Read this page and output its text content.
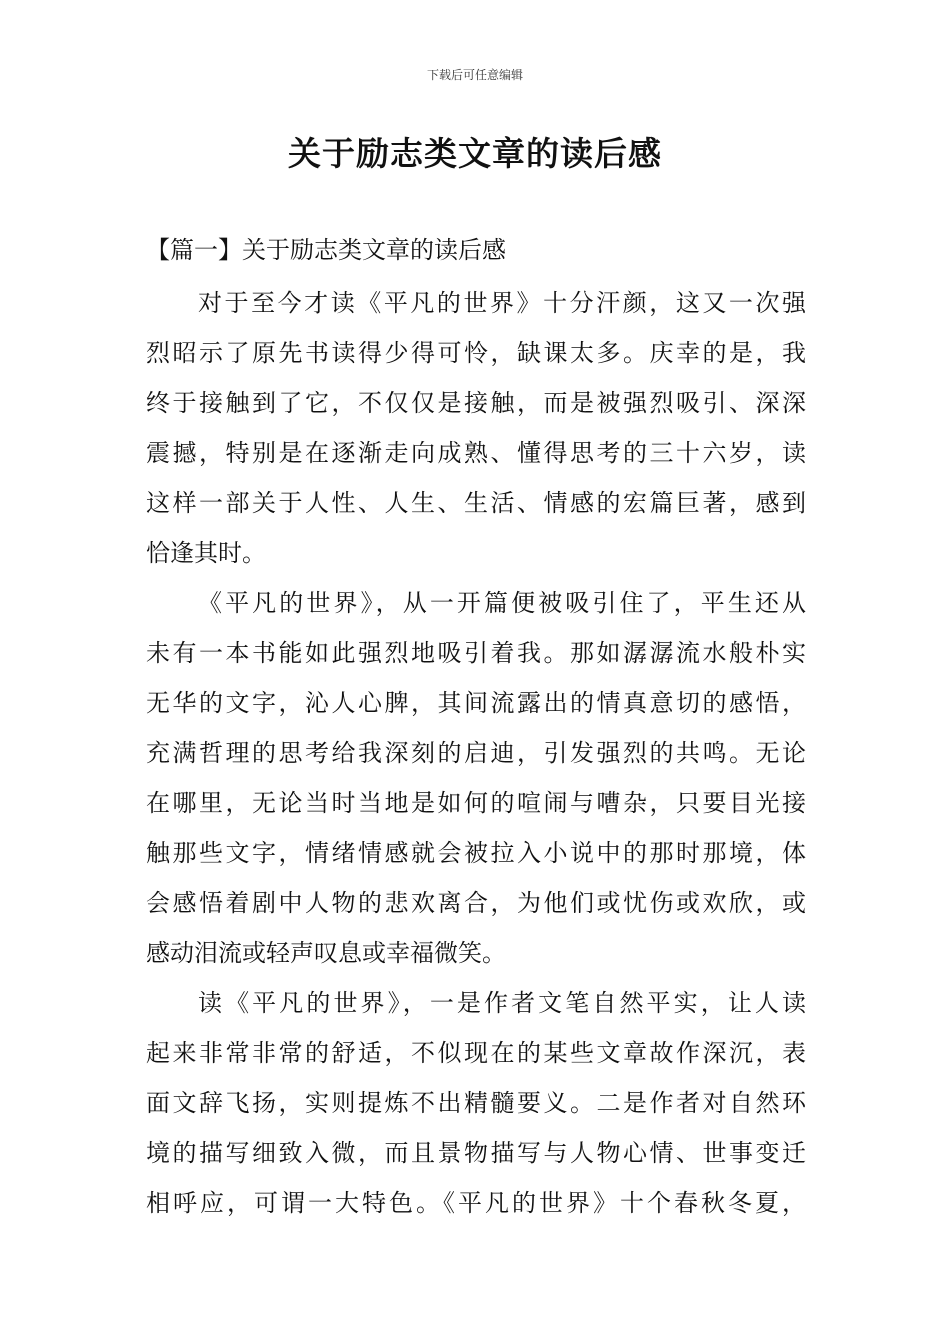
下载后可任意编辑
关于励志类文章的读后感
【篇一】关于励志类文章的读后感
对于至今才读《平凡的世界》十分汗颜，这又一次强
烈昭示了原先书读得少得可怜，缺课太多。庆幸的是，我
终于接触到了它，不仅仅是接触，而是被强烈吸引、深深
震撼，特别是在逐渐走向成熟、懂得思考的三十六岁，读
这样一部关于人性、人生、生活、情感的宏篇巨著，感到
恰逢其时。
《平凡的世界》，从一开篇便被吸引住了，平生还从
未有一本书能如此强烈地吸引着我。那如潺潺流水般朴实
无华的文字，沁人心脾，其间流露出的情真意切的感悟，
充满哲理的思考给我深刻的启迪，引发强烈的共鸣。无论
在哪里，无论当时当地是如何的喧闹与嘈杂，只要目光接
触那些文字，情绪情感就会被拉入小说中的那时那境，体
会感悟着剧中人物的悲欢离合，为他们或忧伤或欢欣，或
感动泪流或轻声叹息或幸福微笑。
读《平凡的世界》，一是作者文笔自然平实，让人读
起来非常非常的舒适，不似现在的某些文章故作深沉，表
面文辞飞扬，实则提炼不出精髓要义。二是作者对自然环
境的描写细致入微，而且景物描写与人物心情、世事变迁
相呼应，可谓一大特色。《平凡的世界》十个春秋冬夏，
